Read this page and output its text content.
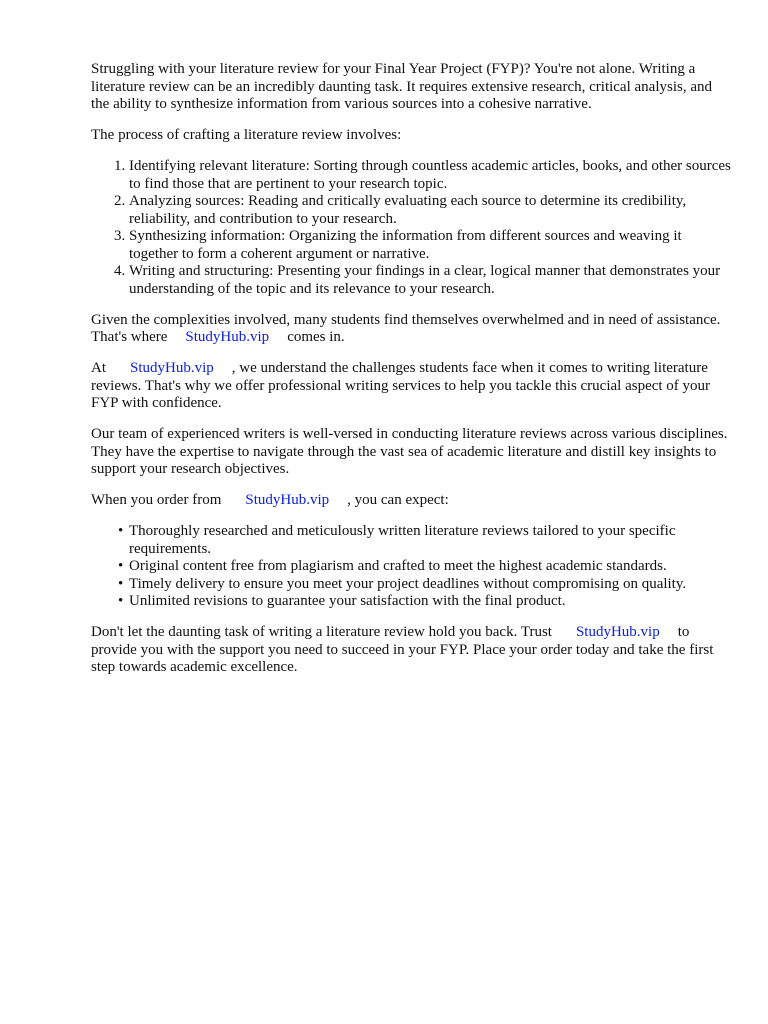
Struggling with your literature review for your Final Year Project (FYP)? You're not alone. Writing a literature review can be an incredibly daunting task. It requires extensive research, critical analysis, and the ability to synthesize information from various sources into a cohesive narrative.

The process of crafting a literature review involves:

1. Identifying relevant literature: Sorting through countless academic articles, books, and other sources to find those that are pertinent to your research topic.
2. Analyzing sources: Reading and critically evaluating each source to determine its credibility, reliability, and contribution to your research.
3. Synthesizing information: Organizing the information from different sources and weaving it together to form a coherent argument or narrative.
4. Writing and structuring: Presenting your findings in a clear, logical manner that demonstrates your understanding of the topic and its relevance to your research.

Given the complexities involved, many students find themselves overwhelmed and in need of assistance. That's where StudyHub.vip comes in.

At StudyHub.vip , we understand the challenges students face when it comes to writing literature reviews. That's why we offer professional writing services to help you tackle this crucial aspect of your FYP with confidence.

Our team of experienced writers is well-versed in conducting literature reviews across various disciplines. They have the expertise to navigate through the vast sea of academic literature and distill key insights to support your research objectives.

When you order from StudyHub.vip , you can expect:

• Thoroughly researched and meticulously written literature reviews tailored to your specific requirements.
• Original content free from plagiarism and crafted to meet the highest academic standards.
• Timely delivery to ensure you meet your project deadlines without compromising on quality.
• Unlimited revisions to guarantee your satisfaction with the final product.

Don't let the daunting task of writing a literature review hold you back. Trust StudyHub.vip to provide you with the support you need to succeed in your FYP. Place your order today and take the first step towards academic excellence.
